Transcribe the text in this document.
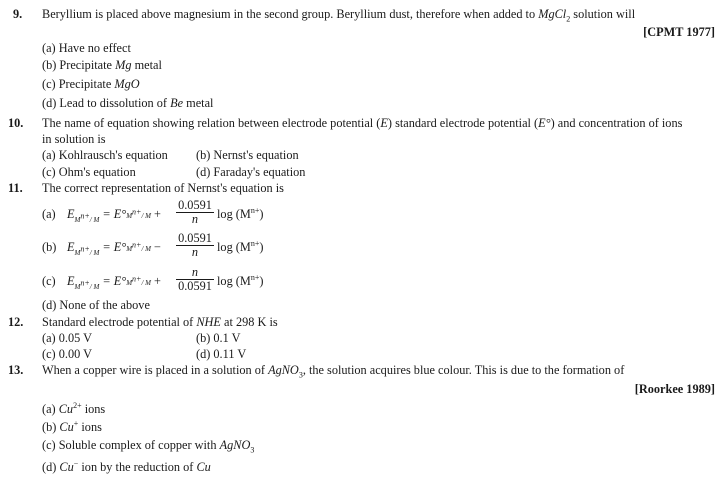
9. Beryllium is placed above magnesium in the second group. Beryllium dust, therefore when added to MgCl$_2$ solution will
[CPMT 1977]
(a) Have no effect
(b) Precipitate Mg metal
(c) Precipitate MgO
(d) Lead to dissolution of Be metal
10. The name of equation showing relation between electrode potential (E) standard electrode potential (E°) and concentration of ions
in solution is
(a) Kohlrausch's equation (b) Nernst's equation
(c) Ohm's equation	(d) Faraday's equation
11. The correct representation of Nernst's equation is
(a) $E_{M^{n+}/ M} = E^\circ M^{n+}/$ $M + \frac{0.0591}{n}$ $\log (M^{n+})$
(b) $E_{M^{n+}/ M} = E^\circ M^{n+}/$ $M - \frac{0.0591}{n}$ $\log (M^{n+})$
(c) $E_{M^{n+}/ M} = E^\circ M^{n+}/$ $M + \frac{n}{0.0591}$ $\log (M^{n+})$
(d) None of the above
12. Standard electrode potential of NHE at 298 K is
(a) 0.05 V	(b) 0.1 V
(c) 0.00 V	(d) 0.11 V
13. When a copper wire is placed in a solution of AgNO$_3$, the solution acquires blue colour. This is due to the formation of
[Roorkee 1989]
(a) $Cu^{2+}$ ions
(b) Cu+ ions
(c) Soluble complex of copper with AgNO$_3$
(d) Cu− ion by the reduction of Cu
